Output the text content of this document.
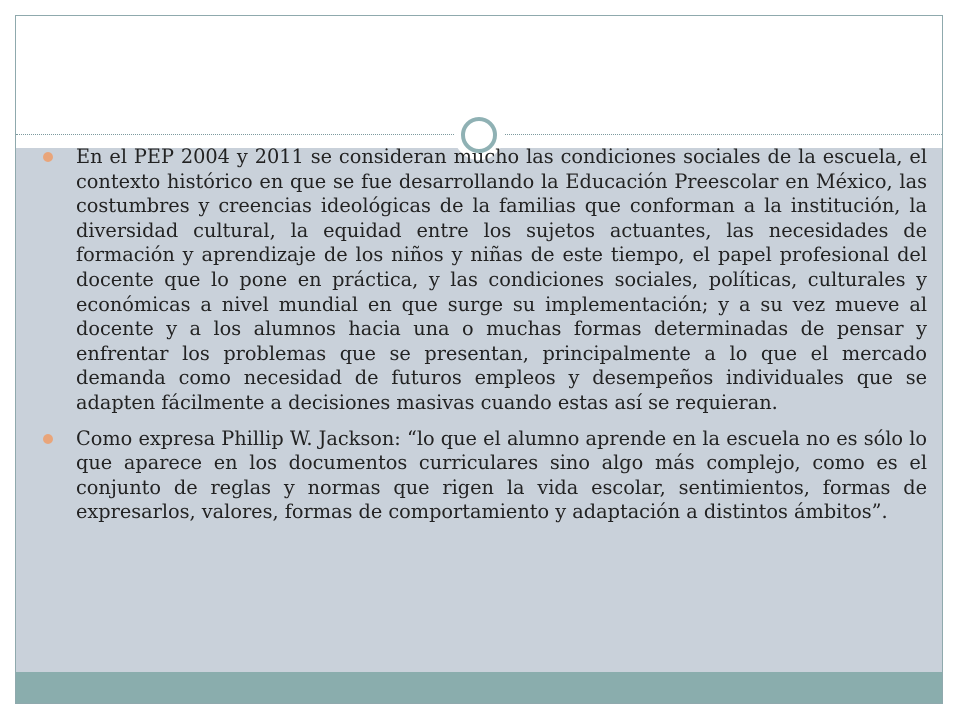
En el PEP 2004 y 2011 se consideran mucho las condiciones sociales de la escuela, el contexto histórico en que se fue desarrollando la Educación Preescolar en México, las costumbres y creencias ideológicas de la familias que conforman a la institución, la diversidad cultural, la equidad entre los sujetos actuantes, las necesidades de formación y aprendizaje de los niños y niñas de este tiempo, el papel profesional del docente que lo pone en práctica, y las condiciones sociales, políticas, culturales y económicas a nivel mundial en que surge su implementación; y a su vez mueve al docente y a los alumnos hacia una o muchas formas determinadas de pensar y enfrentar los problemas que se presentan, principalmente a lo que el mercado demanda como necesidad de futuros empleos y desempeños individuales que se adapten fácilmente a decisiones masivas cuando estas así se requieran.
Como expresa Phillip W. Jackson: “lo que el alumno aprende en la escuela no es sólo lo que aparece en los documentos curriculares sino algo más complejo, como es el conjunto de reglas y normas que rigen la vida escolar, sentimientos, formas de expresarlos, valores, formas de comportamiento y adaptación a distintos ámbitos”.
